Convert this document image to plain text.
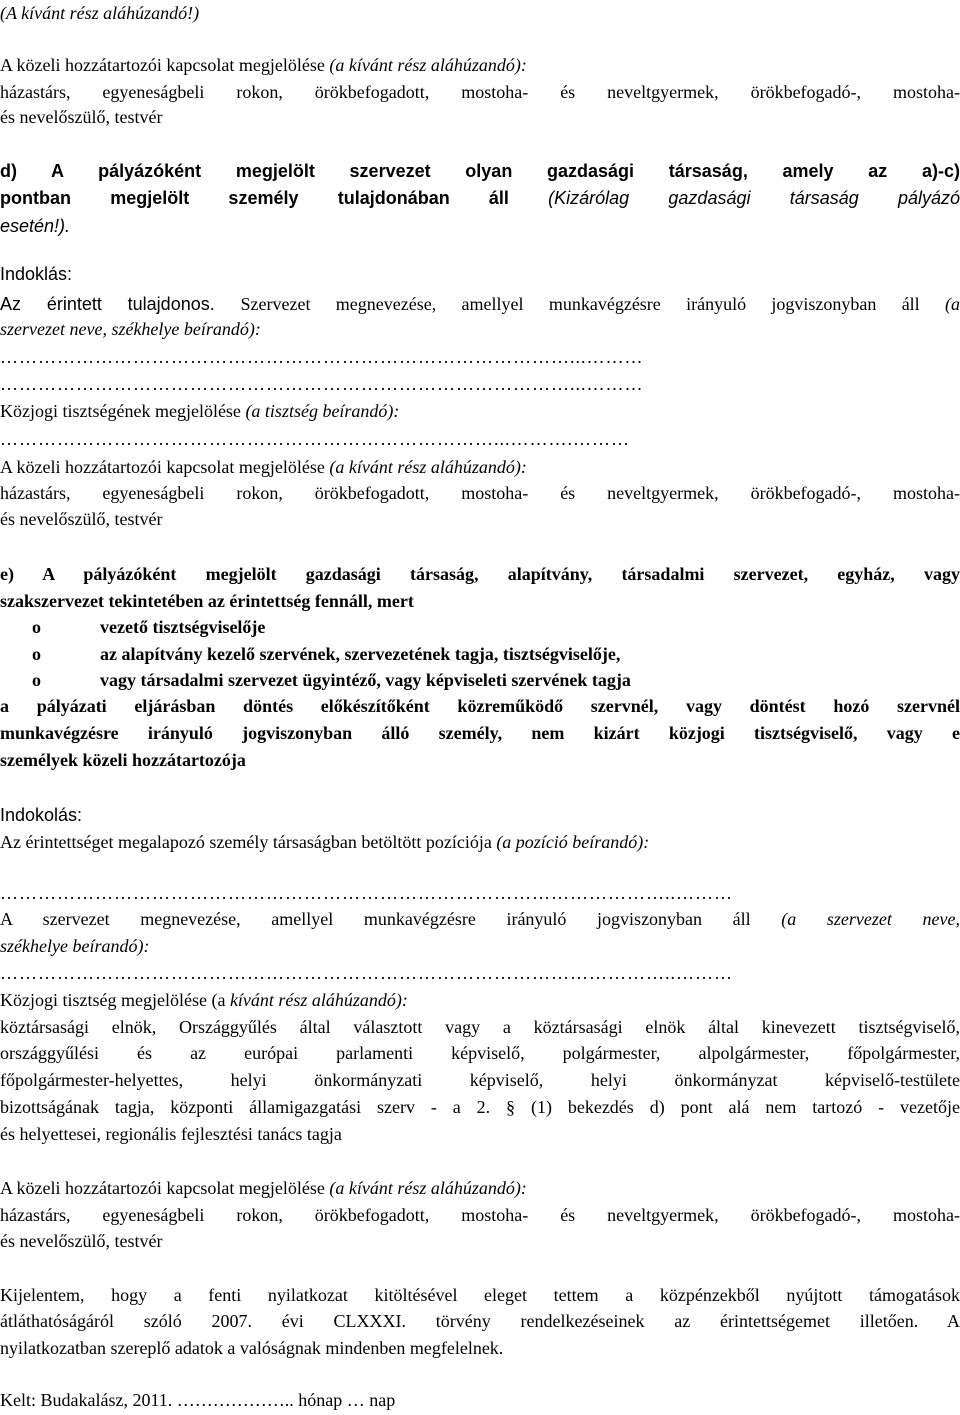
(A kívánt rész aláhúzandó!)
A közeli hozzátartozói kapcsolat megjelölése (a kívánt rész aláhúzandó):
házastárs, egyeneságbeli rokon, örökbefogadott, mostoha- és neveltgyermek, örökbefogadó-, mostoha-
és nevelőszülő, testvér
d) A pályázóként megjelölt szervezet olyan gazdasági társaság, amely az a)-c)
pontban megjelölt személy tulajdonában áll (Kizárólag gazdasági társaság pályázó
esetén!).
Indoklás:
Az érintett tulajdonos. Szervezet megnevezése, amellyel munkavégzésre irányuló jogviszonyban áll (a
szervezet neve, székhelye beírandó):
………………………………………………………………………………...………
………………………………………………………………………………...………
Közjogi tisztségének megjelölése (a tisztség beírandó):
……………………………………………………………………...……….………
A közeli hozzátartozói kapcsolat megjelölése (a kívánt rész aláhúzandó):
házastárs, egyeneságbeli rokon, örökbefogadott, mostoha- és neveltgyermek, örökbefogadó-, mostoha-
és nevelőszülő, testvér
e) A pályázóként megjelölt gazdasági társaság, alapítvány, társadalmi szervezet, egyház, vagy
szakszervezet tekintetében az érintettség fennáll, mert
o	vezető tisztségviselője
o	az alapítvány kezelő szervének, szervezetének tagja, tisztségviselője,
o	vagy társadalmi szervezet ügyintéző, vagy képviseleti szervének tagja
a pályázati eljárásban döntés előkészítőként közreműködő szervnél, vagy döntést hozó szervnél
munkavégzésre irányuló jogviszonyban álló személy, nem kizárt közjogi tisztségviselő, vagy e
személyek közeli hozzátartozója
Indokolás:
Az érintettséget megalapozó személy társaságban betöltött pozíciója (a pozíció beírandó):
……………………………………………………………………………………………..………
A szervezet megnevezése, amellyel munkavégzésre irányuló jogviszonyban áll (a szervezet neve,
székhelye beírandó):
……………………………………………………………………………………………..………
Közjogi tisztség megjelölése (a kívánt rész aláhúzandó):
köztársasági elnök, Országgyűlés által választott vagy a köztársasági elnök által kinevezett tisztségviselő,
országgyűlési és az európai parlamenti képviselő, polgármester, alpolgármester, főpolgármester,
főpolgármester-helyettes, helyi önkormányzati képviselő, helyi önkormányzat képviselő-testülete
bizottságának tagja, központi államigazgatási szerv - a 2. § (1) bekezdés d) pont alá nem tartozó - vezetője
és helyettesei, regionális fejlesztési tanács tagja
A közeli hozzátartozói kapcsolat megjelölése (a kívánt rész aláhúzandó):
házastárs, egyeneságbeli rokon, örökbefogadott, mostoha- és neveltgyermek, örökbefogadó-, mostoha-
és nevelőszülő, testvér
Kijelentem, hogy a fenti nyilatkozat kitöltésével eleget tettem a közpénzekből nyújtott támogatások
átláthatóságáról szóló 2007. évi CLXXXI. törvény rendelkezéseinek az érintettségemet illetően. A
nyilatkozatban szereplő adatok a valóságnak mindenben megfelelnek.
Kelt: Budakalász, 2011. ……………….. hónap … nap
